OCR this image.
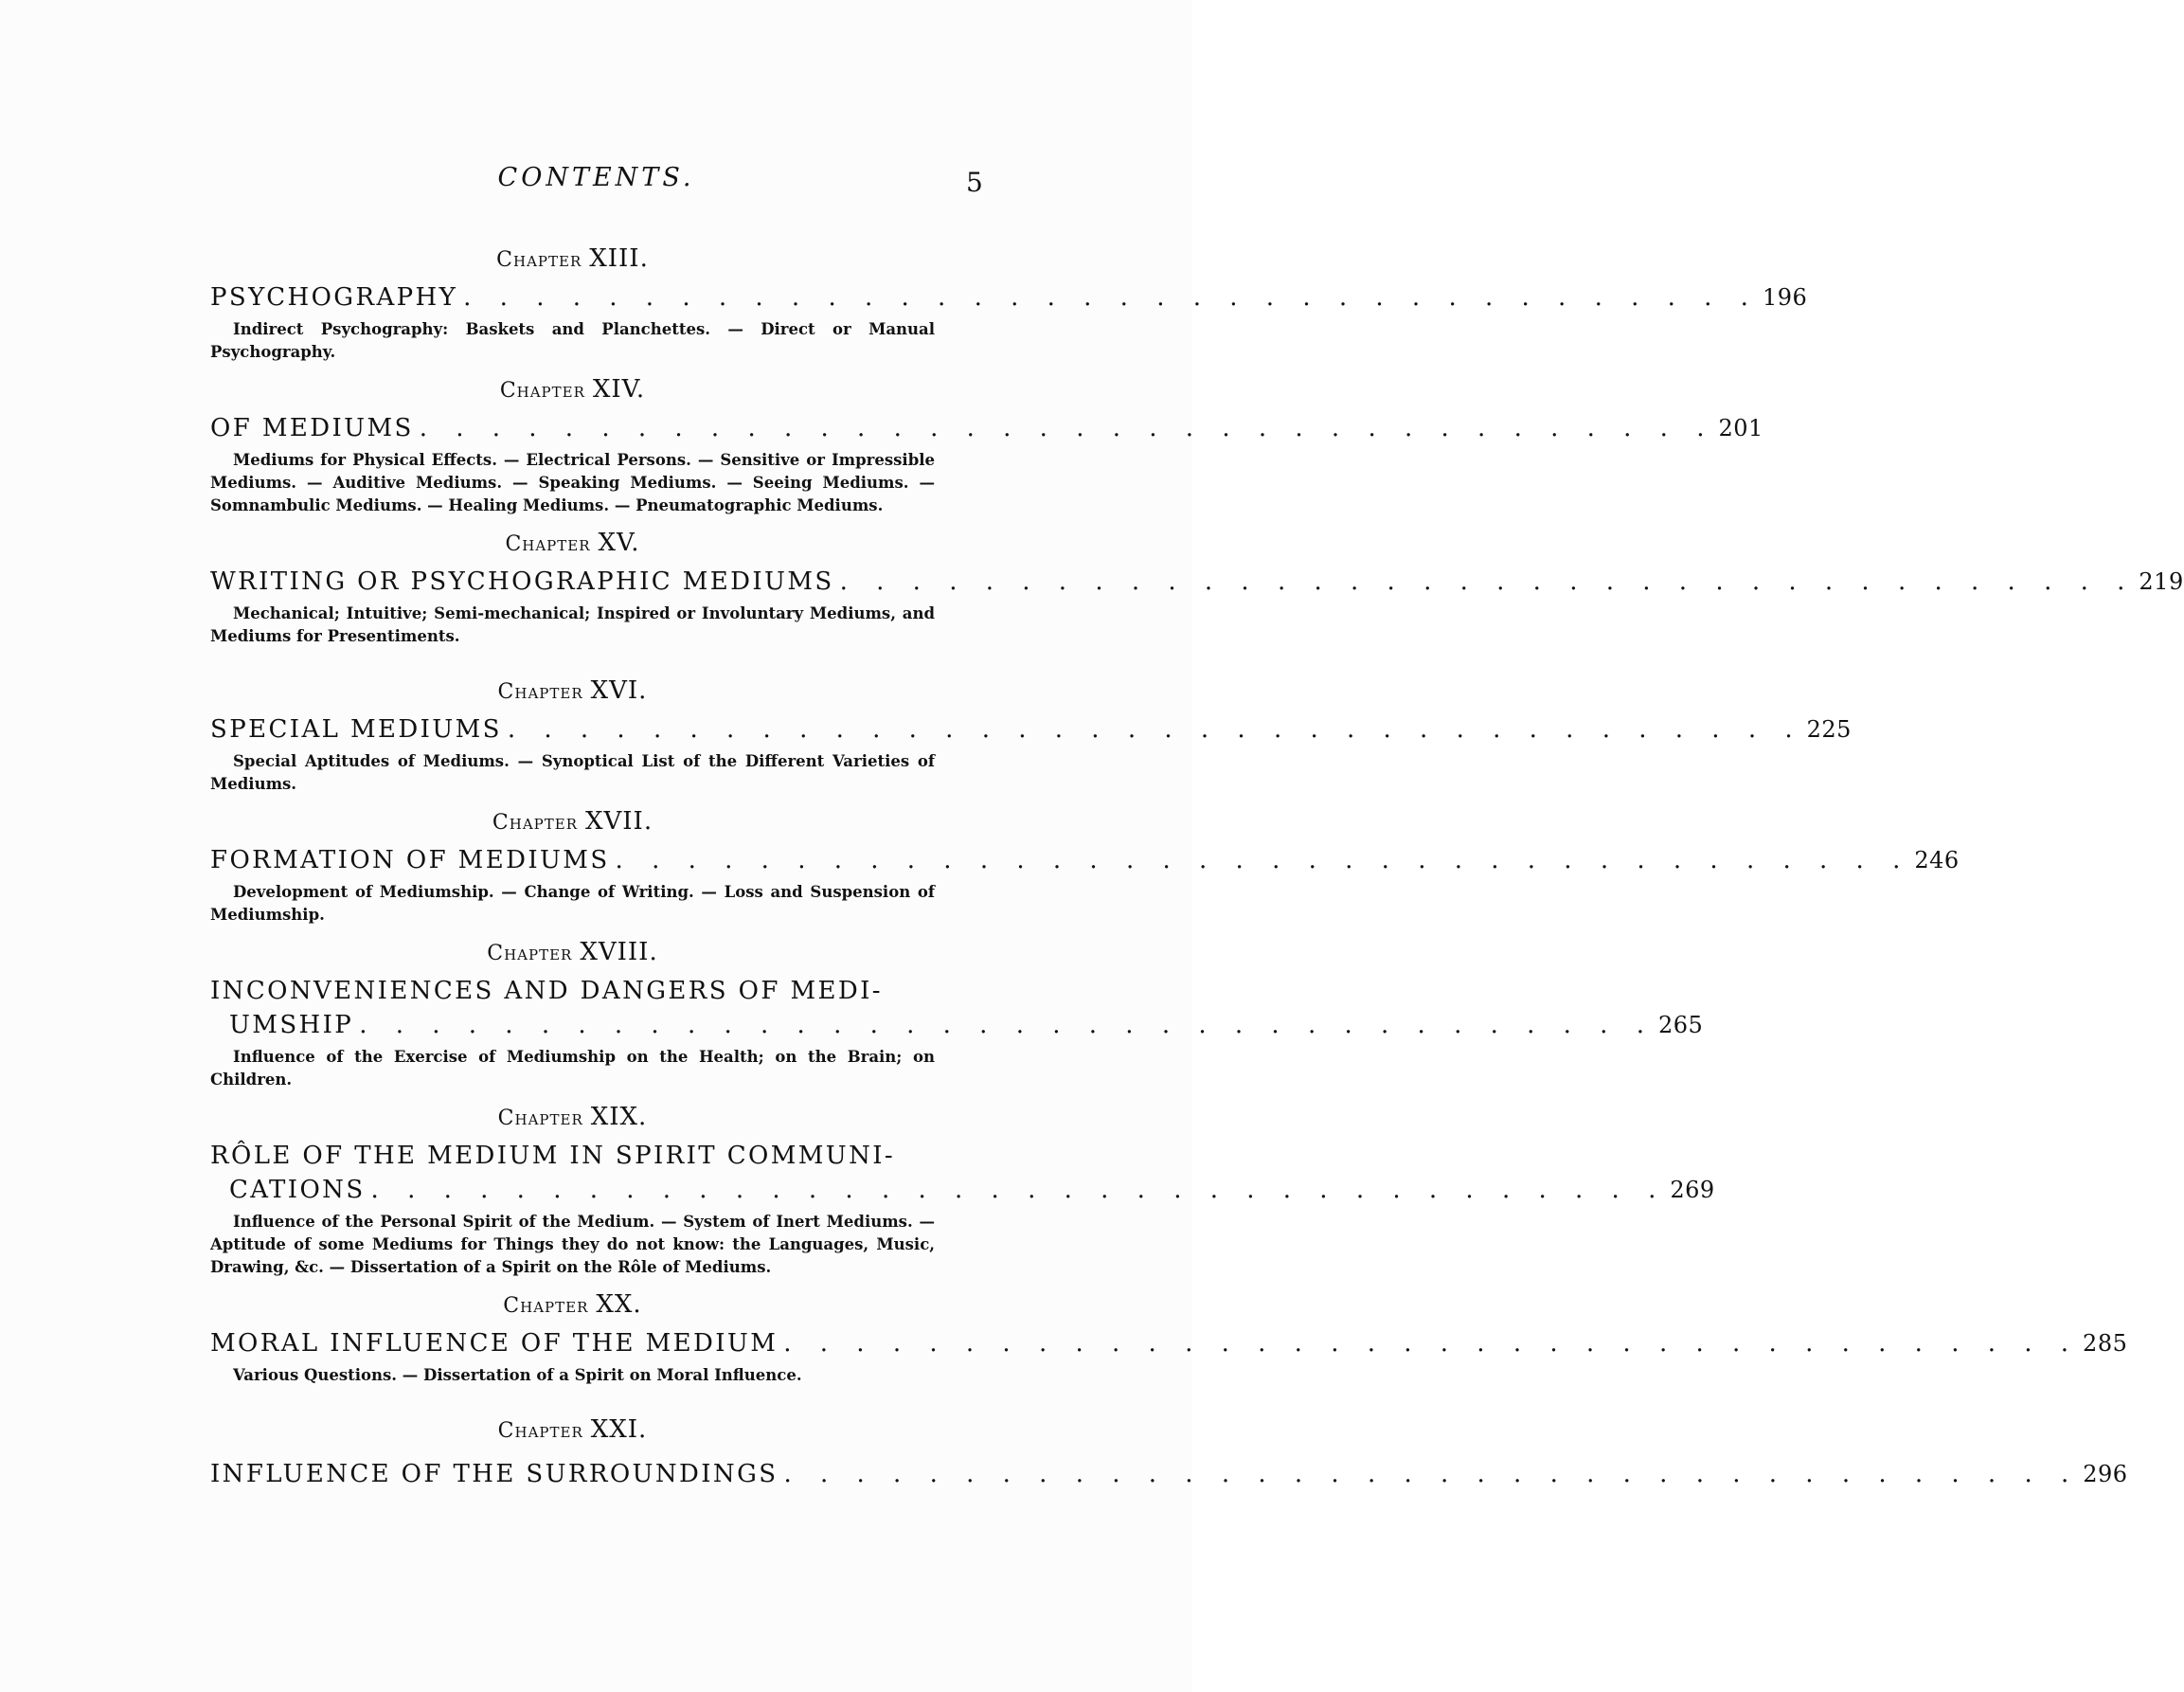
CONTENTS.	5
Chapter XIII.
PSYCHOGRAPHY . . . . . . . . . . . . . . . . . . . . . . . . . . . . . . . . . . . . 196
Indirect Psychography: Baskets and Planchettes. — Direct or Manual Psychography.
Chapter XIV.
OF MEDIUMS . . . . . . . . . . . . . . . . . . . . . . . . . . . . . . . . . . . . 201
Mediums for Physical Effects. — Electrical Persons. — Sensitive or Impressible Mediums. — Auditive Mediums. — Speaking Mediums. — Seeing Mediums. — Somnambulic Mediums. — Healing Mediums. — Pneumatographic Mediums.
Chapter XV.
WRITING OR PSYCHOGRAPHIC MEDIUMS . . . . . . . . . . . . . . . . . . . . . . . . . . . . . . . . . . . . 219
Mechanical; Intuitive; Semi-mechanical; Inspired or Involuntary Mediums, and Mediums for Presentiments.
Chapter XVI.
SPECIAL MEDIUMS . . . . . . . . . . . . . . . . . . . . . . . . . . . . . . . . . . . . 225
Special Aptitudes of Mediums. — Synoptical List of the Different Varieties of Mediums.
Chapter XVII.
FORMATION OF MEDIUMS . . . . . . . . . . . . . . . . . . . . . . . . . . . . . . . . . . . . 246
Development of Mediumship. — Change of Writing. — Loss and Suspension of Mediumship.
Chapter XVIII.
INCONVENIENCES AND DANGERS OF MEDI-
UMSHIP . . . . . . . . . . . . . . . . . . . . . . . . . . . . . . . . . . . . 265
Influence of the Exercise of Mediumship on the Health; on the Brain; on Children.
Chapter XIX.
RÔLE OF THE MEDIUM IN SPIRIT COMMUNI-
CATIONS . . . . . . . . . . . . . . . . . . . . . . . . . . . . . . . . . . . . 269
Influence of the Personal Spirit of the Medium. — System of Inert Mediums. — Aptitude of some Mediums for Things they do not know: the Languages, Music, Drawing, &c. — Dissertation of a Spirit on the Rôle of Mediums.
Chapter XX.
MORAL INFLUENCE OF THE MEDIUM . . . . . . . . . . . . . . . . . . . . . . . . . . . . . . . . . . . . 285
Various Questions. — Dissertation of a Spirit on Moral Influence.
Chapter XXI.
INFLUENCE OF THE SURROUNDINGS . . . . . . . . . . . . . . . . . . . . . . . . . . . . . . . . . . . . 296
